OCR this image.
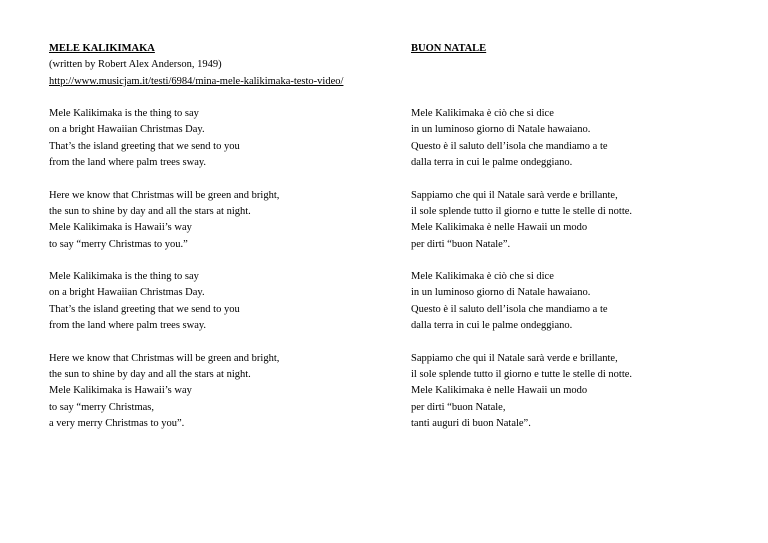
MELE KALIKIMAKA
(written by Robert Alex Anderson, 1949)
http://www.musicjam.it/testi/6984/mina-mele-kalikimaka-testo-video/
Mele Kalikimaka is the thing to say
on a bright Hawaiian Christmas Day.
That’s the island greeting that we send to you
from the land where palm trees sway.
Here we know that Christmas will be green and bright,
the sun to shine by day and all the stars at night.
Mele Kalikimaka is Hawaii’s way
to say “merry Christmas to you.”
Mele Kalikimaka is the thing to say
on a bright Hawaiian Christmas Day.
That’s the island greeting that we send to you
from the land where palm trees sway.
Here we know that Christmas will be green and bright,
the sun to shine by day and all the stars at night.
Mele Kalikimaka is Hawaii’s way
to say “merry Christmas,
a very merry Christmas to you”.
BUON NATALE
Mele Kalikimaka è ciò che si dice
in un luminoso giorno di Natale hawaiano.
Questo è il saluto dell’isola che mandiamo a te
dalla terra in cui le palme ondeggiano.
Sappiamo che qui il Natale sarà verde e brillante,
il sole splende tutto il giorno e tutte le stelle di notte.
Mele Kalikimaka è nelle Hawaii un modo
per dirti “buon Natale”.
Mele Kalikimaka è ciò che si dice
in un luminoso giorno di Natale hawaiano.
Questo è il saluto dell’isola che mandiamo a te
dalla terra in cui le palme ondeggiano.
Sappiamo che qui il Natale sarà verde e brillante,
il sole splende tutto il giorno e tutte le stelle di notte.
Mele Kalikimaka è nelle Hawaii un modo
per dirti “buon Natale,
tanti auguri di buon Natale”.
